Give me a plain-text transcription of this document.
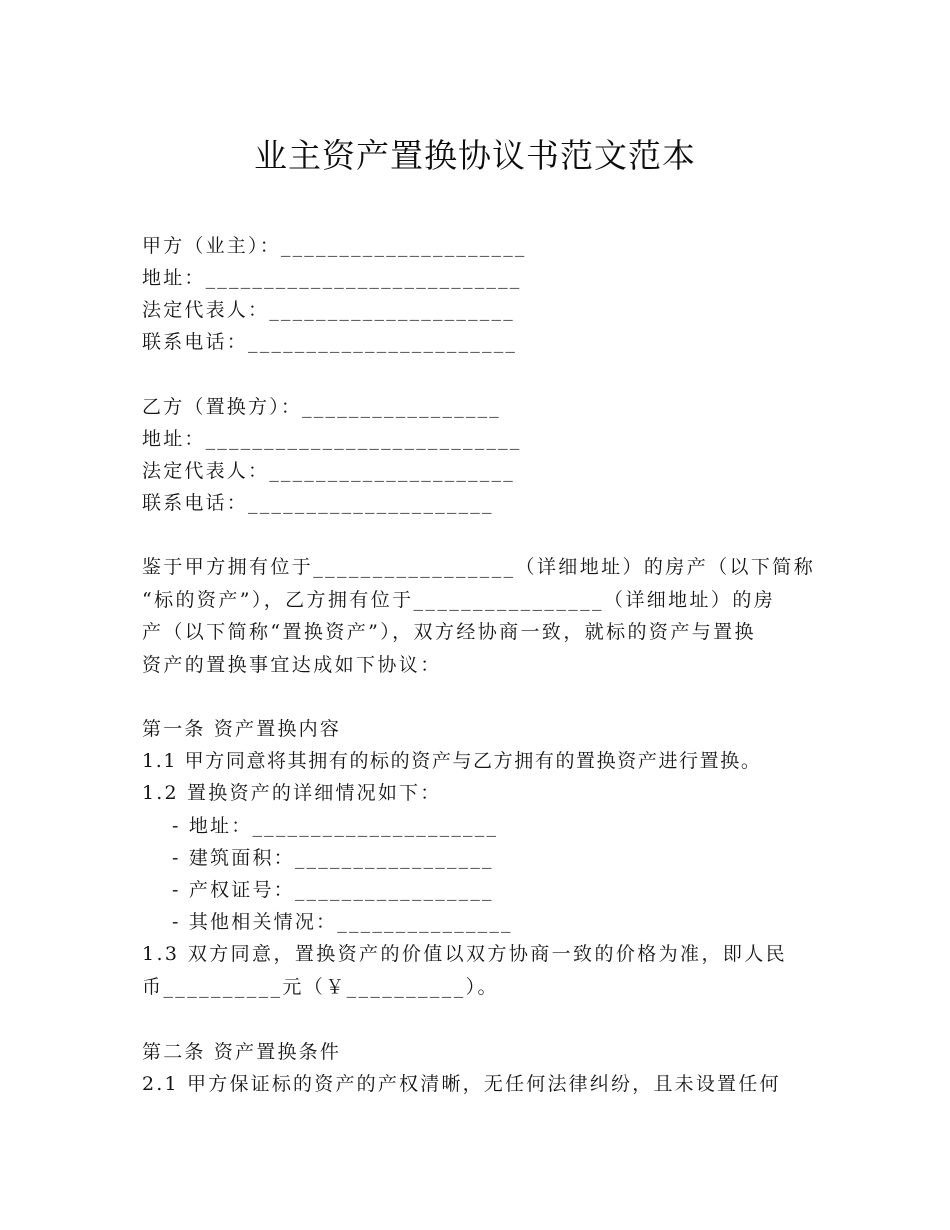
业主资产置换协议书范文范本
甲方（业主）：_____________________
地址：___________________________
法定代表人：_____________________
联系电话：_______________________
乙方（置换方）：_________________
地址：___________________________
法定代表人：_____________________
联系电话：_____________________
鉴于甲方拥有位于_________________（详细地址）的房产（以下简称
“标的资产”），乙方拥有位于________________（详细地址）的房
产（以下简称“置换资产”），双方经协商一致，就标的资产与置换
资产的置换事宜达成如下协议：
第一条 资产置换内容
1.1 甲方同意将其拥有的标的资产与乙方拥有的置换资产进行置换。
1.2 置换资产的详细情况如下：
- 地址：_____________________
- 建筑面积：_________________
- 产权证号：_________________
- 其他相关情况：_______________
1.3 双方同意，置换资产的价值以双方协商一致的价格为准，即人民
币__________元（￥__________）。
第二条 资产置换条件
2.1 甲方保证标的资产的产权清晰，无任何法律纠纷，且未设置任何
